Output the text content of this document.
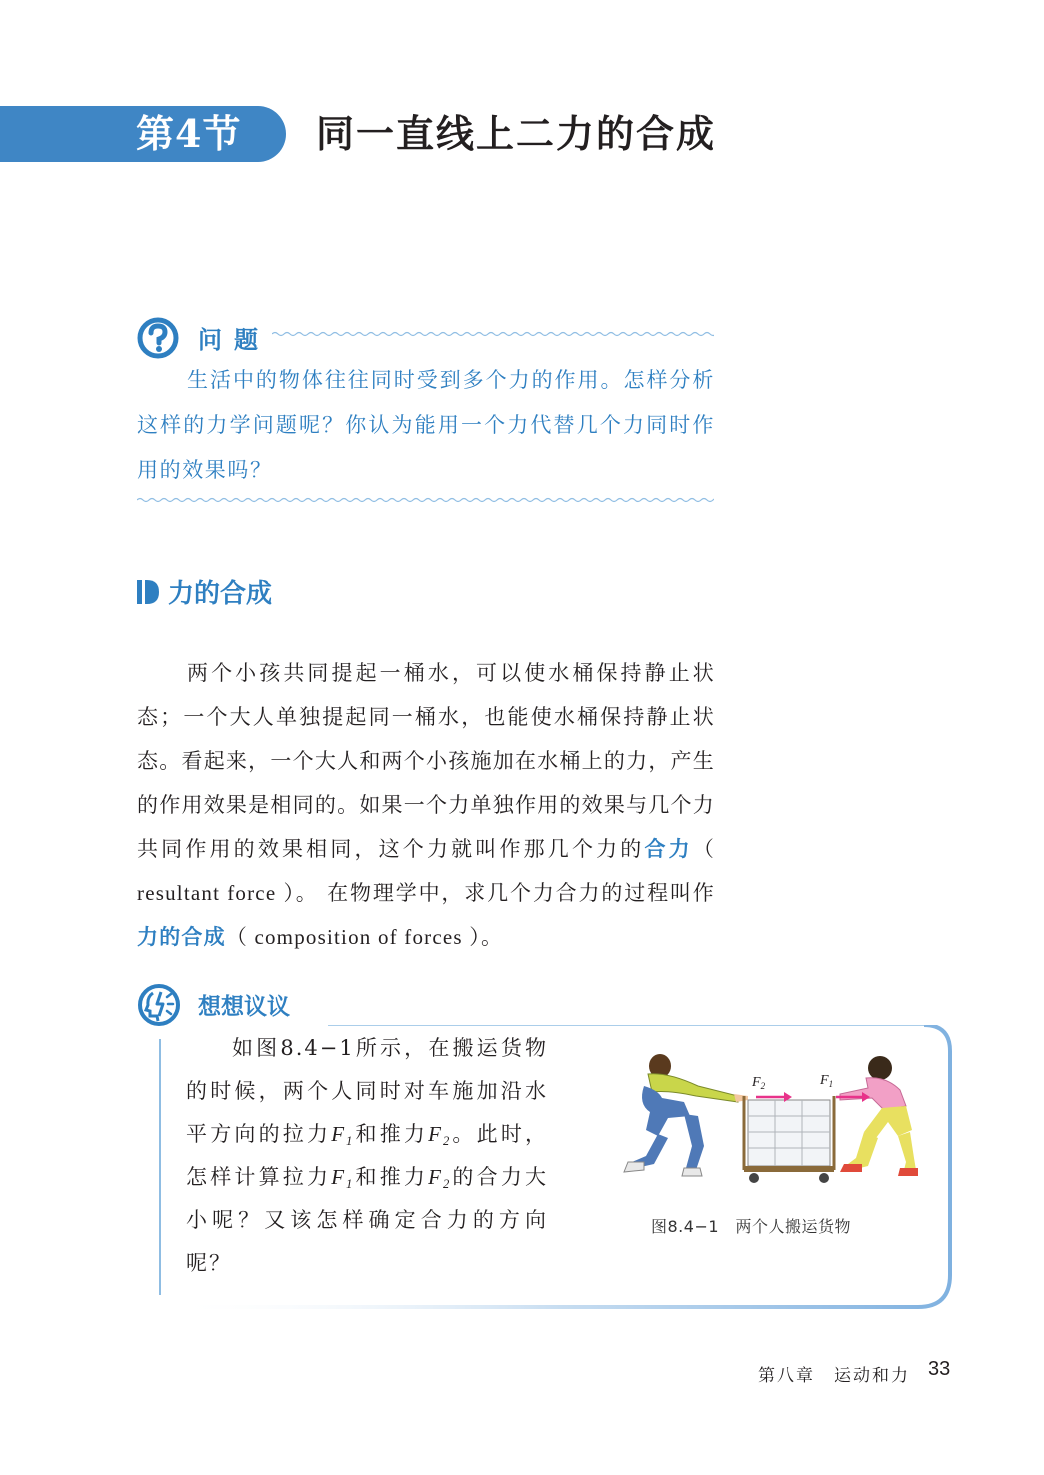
第4节 同一直线上二力的合成
问题
生活中的物体往往同时受到多个力的作用。怎样分析这样的力学问题呢？你认为能用一个力代替几个力同时作用的效果吗？
力的合成
两个小孩共同提起一桶水，可以使水桶保持静止状态；一个大人单独提起同一桶水，也能使水桶保持静止状态。看起来，一个大人和两个小孩施加在水桶上的力，产生的作用效果是相同的。如果一个力单独作用的效果与几个力共同作用的效果相同，这个力就叫作那几个力的合力（ resultant force ）。 在物理学中，求几个力合力的过程叫作力的合成（ composition of forces ）。
想想议议
如图8.4−1所示，在搬运货物的时候，两个人同时对车施加沿水平方向的拉力$F_1$和推力$F_2$。此时，怎样计算拉力$F_1$和推力$F_2$的合力大小呢？又该怎样确定合力的方向呢？
$F_2$	$F_1$
图8.4−1　两个人搬运货物
第八章　运动和力 33
